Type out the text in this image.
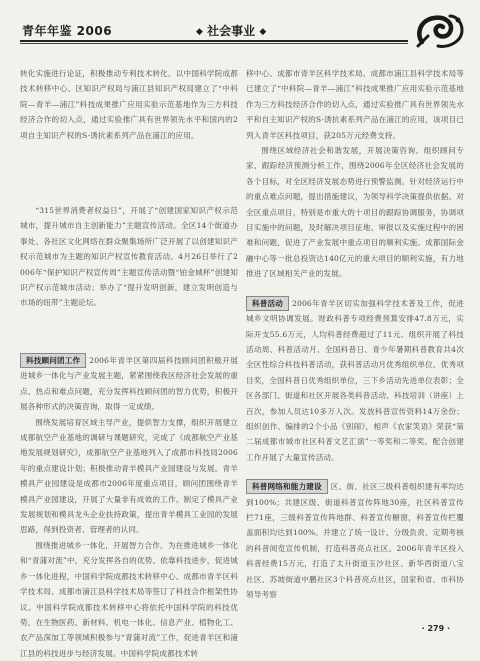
青年年鉴 2006	◆ 社会事业 ◆

转化实施进行论证，积极推动专利技术转化。以中国科学院成都技术转移中心、区知识产权局与浦江县知识产权局建立了“中科院—青羊—浦江”科技成果推广应用实验示范基地作为三方科技经济合作的切入点，通过实验推广具有世界领先水平和国内的2项自主知识产权的S-诱抗素系列产品在浦江的应用。

“315世界消费者权益日”，开展了“创建国家知识产权示范城市，提升城市自主创新能力”主题宣传活动。全区14个街道办事处、各社区文化网络在群众聚集场所广泛开展了以创建知识产权示范城市为主题的知识产权宣传教育活动。4月26日举行了2006年“保护知识产权宣传周”主题宣传活动暨“铂金城杯”创建知识产权示范城市活动；举办了“提升发明创新，建立发明创造与市场的纽带”主题论坛。

科技顾问团工作 2006年青羊区第四届科技顾问团积极开展进城乡一体化与产业发展主题，紧紧围绕我区经济社会发展的重点、热点和难点问题，充分发挥科技顾问团的智力优势，积极开展各种形式的决策咨询，取得一定成绩。

围绕发展培育区域主导产业，提供智力支撑，组织开展建立成都航空产业基地的调研与课题研究，完成了《成都航空产业基地发展规划研究》，成都航空产业基地列入了成都市科技局2006年的重点建设计划；积极推动青羊模具产业园建设与发展。青羊模具产业园建设是成都市2006年度重点项目，顾问团围绕青羊模具产业园建设，开展了大量非有成效的工作。制定了模具产业发展规划和模具龙头企业扶持政策，提出青羊模具工业园的发展思路，得到投资者、管理者的认同。

围绕推进城乡一体化，开展智力合作。为在推进城乡一体化和“青蒲对流”中，充分发挥各自的优势、依靠科技进步，促进城乡一体化进程，中国科学院成都技术转移中心、成都市青羊区科学技术局、成都市浦江县科学技术局等签订了科技合作框架性协议。中国科学院成都技术转移中心将依托中国科学院的科技优势，在生物医药、新材料、机电一体化、信息产业、植物化工、农产品深加工等领域积极参与“青蒲对流”工作，促进青羊区和浦江县的科技进步与经济发展。中国科学院成都技术转

移中心、成都市青羊区科学技术局、成都市浦江县科学技术局等已建立了“中科院—青羊—浦江”科技成果推广应用实验示范基地作为三方科技经济合作的切入点，通过实验推广具有世界领先水平和自主知识产权的S-诱抗素系列产品在浦江的应用，该项目已列入青羊区科技项目，获205万元经费支持。

围绕区域经济社会和谐发展，开展决策咨询。组织顾问专家，跟踪经济预测分析工作，围绕2006年全区经济社会发展的各个目标，对全区经济发展态势进行预警监测，针对经济运行中的重点难点问题，提出措施建议，为领导科学决策提供依据。对全区重点项目，特别是市重大的十项目的跟踪协调服务，协调项目实施中的问题，及时解决项目征地、审报以及实施过程中的困难和问题，促进了产业发展中重点项目的顺利实施。成都国际金融中心等一批总投资达140亿元的重大项目的顺利实施，有力地推进了区域相关产业的发展。

科普活动 2006年青羊区切实加强科学技术普及工作，促进城乡文明协调发展。财政科普专项经费预算安排47.8万元，实际开支55.6万元，人均科普经费超过了11元。组织开展了科技活动周、科普活动月、全国科普日、青少年暑期科普教育共4次全区性综合科技科普活动，获科普活动月优秀组织单位、优秀项目奖，全国科普日优秀组织单位，三下乡活动先进单位表彰；全区各部门、街道和社区开展各类科普活动、科技培训（讲座）上百次，参加人员达10多万人次。发放科普宣传资料14万余份；组织创作、编排的2个小品《别闹》，相声《农家笑语》荣获“第二届成都市城市社区科普文艺汇演”一等奖和二等奖。配合创建工作开展了大量宣传活动。

科普网络和能力建设 区、街、社区三级科普组织建有率均达到100%；共建区级、街道科普宣传阵地30座，社区科普宣传栏71座，三级科普宣传阵地群、科普宣传橱窗，科普宣传栏覆盖面积均达到100%。并建立了统一设计、分级负责、定期考核的科普阅览宣传机制，打造科普亮点社区。2006年青羊区投入科普经费15万元，打造了太升街道玉沙社区、新华西街道八宝社区、苏坡街道中鹏社区3个科普亮点社区，国家和省、市科协领导考察

· 279 ·
